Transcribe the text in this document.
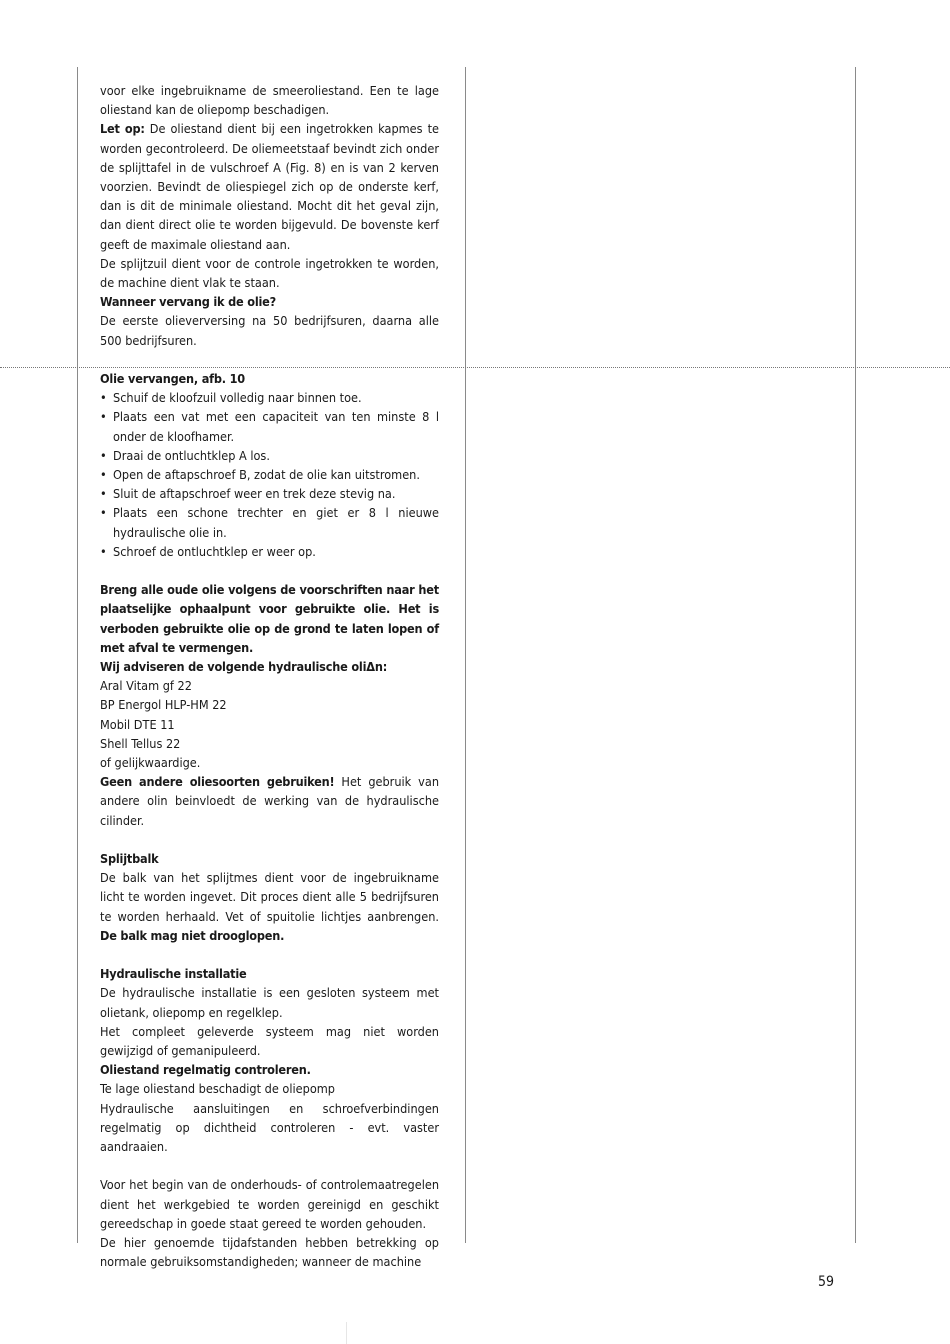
voor elke ingebruikname de smeeroliestand. Een te lage oliestand kan de oliepomp beschadigen.

Let op: De oliestand dient bij een ingetrokken kapmes te worden gecontroleerd. De oliemeetstaaf bevindt zich onder de splijttafel in de vulschroef A (Fig. 8) en is van 2 kerven voorzien. Bevindt de oliespiegel zich op de onderste kerf, dan is dit de minimale oliestand. Mocht dit het geval zijn, dan dient direct olie te worden bijgevuld. De bovenste kerf geeft de maximale oliestand aan.

De splijtzuil dient voor de controle ingetrokken te worden, de machine dient vlak te staan.

Wanneer vervang ik de olie?

De eerste olieverversing na 50 bedrijfsuren, daarna alle 500 bedrijfsuren.

Olie vervangen, afb. 10

• Schuif de kloofzuil volledig naar binnen toe.
• Plaats een vat met een capaciteit van ten minste 8 l onder de kloofhamer.
• Draai de ontluchtklep A los.
• Open de aftapschroef B, zodat de olie kan uitstromen.
• Sluit de aftapschroef weer en trek deze stevig na.
• Plaats een schone trechter en giet er 8 l nieuwe hydraulische olie in.
• Schroef de ontluchtklep er weer op.

Breng alle oude olie volgens de voorschriften naar het plaatselijke ophaalpunt voor gebruikte olie. Het is verboden gebruikte olie op de grond te laten lopen of met afval te vermengen.

Wij adviseren de volgende hydraulische oliΔn:

Aral Vitam gf 22

BP Energol HLP-HM 22

Mobil DTE 11

Shell Tellus 22

of gelijkwaardige.

Geen andere oliesoorten gebruiken! Het gebruik van andere olin beinvloedt de werking van de hydraulische cilinder.

Splijtbalk

De balk van het splijtmes dient voor de ingebruikname licht te worden ingevet. Dit proces dient alle 5 bedrijfsuren te worden herhaald. Vet of spuitolie lichtjes aanbrengen. De balk mag niet drooglopen.

Hydraulische installatie

De hydraulische installatie is een gesloten systeem met olietank, oliepomp en regelklep.

Het compleet geleverde systeem mag niet worden gewijzigd of gemanipuleerd.

Oliestand regelmatig controleren.

Te lage oliestand beschadigt de oliepomp

Hydraulische aansluitingen en schroefverbindingen regelmatig op dichtheid controleren - evt. vaster aandraaien.

Voor het begin van de onderhouds- of controlemaatregelen dient het werkgebied te worden gereinigd en geschikt gereedschap in goede staat gereed te worden gehouden.

De hier genoemde tijdafstanden hebben betrekking op normale gebruiksomstandigheden; wanneer de machine

59
